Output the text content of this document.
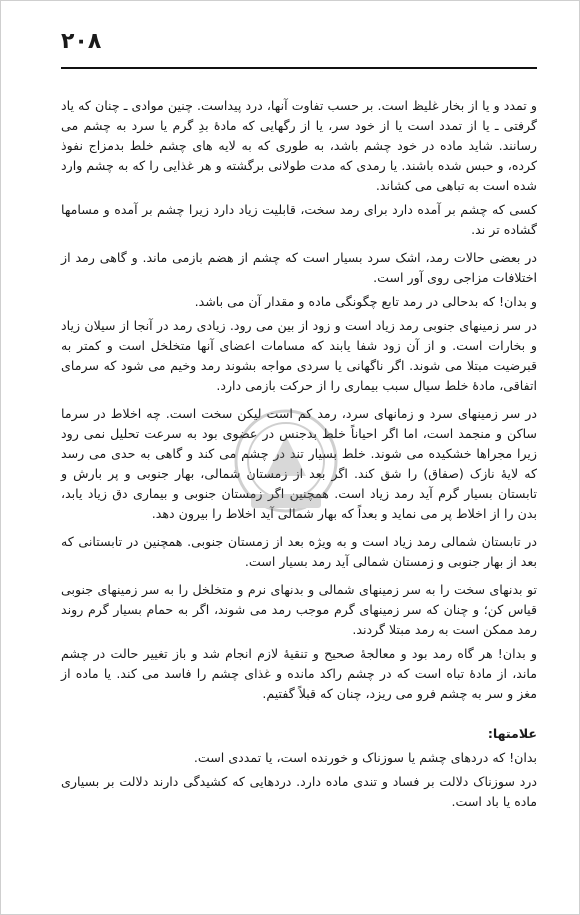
۲۰۸

و تمدد و یا از بخار غلیظ است. بر حسب تفاوت آنها، درد پیداست. چنین موادی ـ چنان که یاد گرفتی ـ یا از تمدد است یا از خود سر، یا از رگهایی که مادهٔ بدِ گرم یا سرد به چشم می رسانند. شاید ماده در خود چشم باشد، به طوری که به لایه های چشم خلط بدمزاج نفوذ کرده، و حبس شده باشند. یا رمدی که مدت طولانی برگشته و هر غذایی را که به چشم وارد شده است به تباهی می کشاند.

کسی که چشم بر آمده دارد برای رمد سخت، قابلیت زیاد دارد زیرا چشم بر آمده و مسامها گشاده تر ند.

در بعضی حالات رمد، اشک سرد بسیار است که چشم از هضم بازمی ماند. و گاهی رمد از اختلافات مزاجی روی آور است.

و بدان! که بدحالی در رمد تابع چگونگی ماده و مقدار آن می باشد.

در سر زمینهای جنوبی رمد زیاد است و زود از بین می رود. زیادی رمد در آنجا از سیلان زیاد و بخارات است. و از آن زود شفا یابند که مسامات اعضای آنها متخلخل است و کمتر به قبرضیت مبتلا می شوند. اگر ناگهانی یا سردی مواجه بشوند رمد وخیم می شود که سرمای اتفاقی، مادهٔ خلط سیال سبب بیماری را از حرکت بازمی دارد.

در سر زمینهای سرد و زمانهای سرد، رمد کم است لیکن سخت است. چه اخلاط در سرما ساکن و منجمد است، اما اگر احیاناً خلط بدجنس در عضوی بود به سرعت تحلیل نمی رود زیرا مجراها خشکیده می شوند. خلط بسیار تند در چشم می کند و گاهی به حدی می رسد که لایهٔ نازک (صفاق) را شق کند. اگر بعد از زمستان شمالی، بهار جنوبی و پر بارش و تابستان بسیار گرم آید رمد زیاد است. همچنین اگر زمستان جنوبی و بیماری دق زیاد یابد، بدن را از اخلاط پر می نماید و بعداً که بهار شمالی آید اخلاط را بیرون دهد.

در تابستان شمالی رمد زیاد است و به ویژه بعد از زمستان جنوبی. همچنین در تابستانی که بعد از بهار جنوبی و زمستان شمالی آید رمد بسیار است.

تو بدنهای سخت را به سر زمینهای شمالی و بدنهای نرم و متخلخل را به سر زمینهای جنوبی قیاس کن؛ و چنان که سر زمینهای گرم موجب رمد می شوند، اگر به حمام بسیار گرم روند رمد ممکن است به رمد مبتلا گردند.

و بدان! هر گاه رمد بود و معالجهٔ صحیح و تنقیهٔ لازم انجام شد و باز تغییر حالت در چشم ماند، از مادهٔ تباه است که در چشم راکد مانده و غذای چشم را فاسد می کند. یا ماده از مغز و سر به چشم فرو می ریزد، چنان که قبلاً گفتیم.

علامتها:

بدان! که دردهای چشم یا سوزناک و خورنده است، یا تمددی است.

درد سوزناک دلالت بر فساد و تندی ماده دارد. دردهایی که کشیدگی دارند دلالت بر بسیاری ماده یا باد است.
